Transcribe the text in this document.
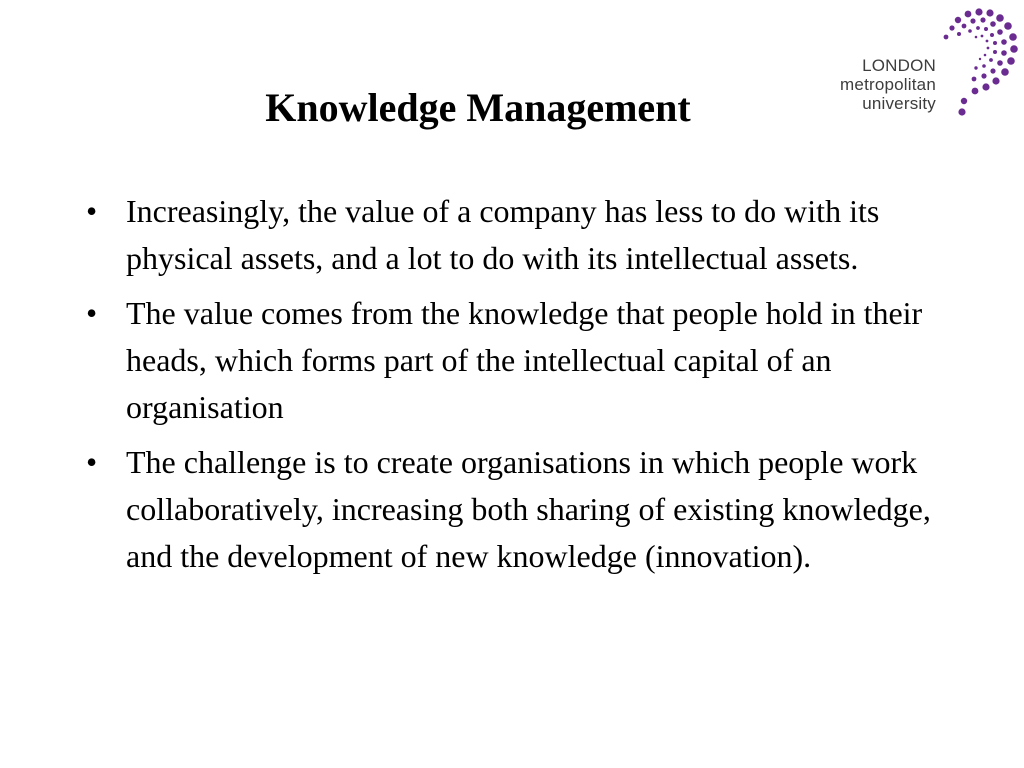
LONDON
metropolitan
university
Knowledge Management
• Increasingly, the value of a company has less to do with its physical assets, and a lot to do with its intellectual assets.
• The value comes from the knowledge that people hold in their heads, which forms part of the intellectual capital of an organisation
• The challenge is to create organisations in which people work collaboratively, increasing both sharing of existing knowledge, and the development of new knowledge (innovation).
